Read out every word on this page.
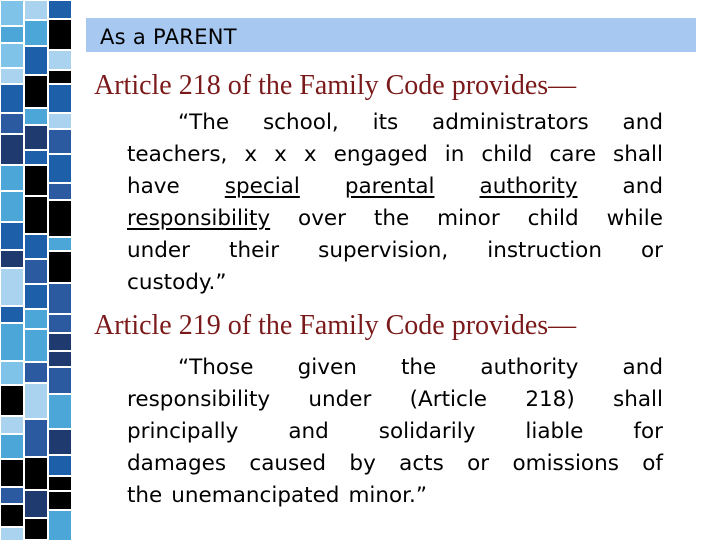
As a PARENT
Article 218 of the Family Code provides—
“The school, its administrators and
teachers, x x x engaged in child care shall
have special parental authority and
responsibility over the minor child while
under their supervision, instruction or
custody.”
Article 219 of the Family Code provides—
“Those given the authority and
responsibility under (Article 218) shall
principally and solidarily liable for
damages caused by acts or omissions of
the unemancipated minor.”
